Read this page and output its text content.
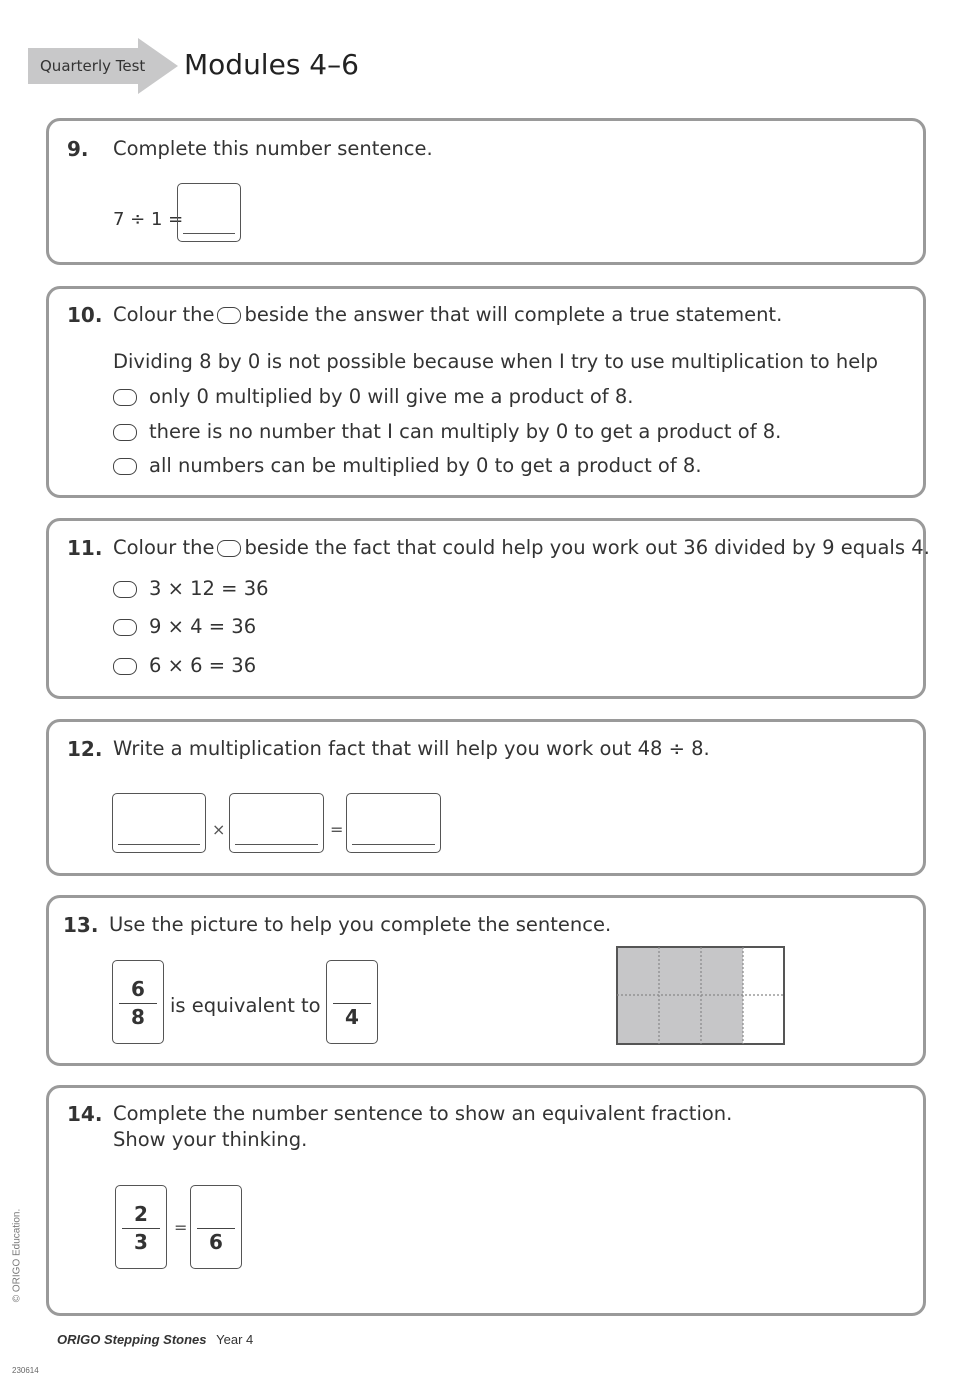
Quarterly Test Modules 4–6
9. Complete this number sentence.
7 ÷ 1 =
10. Colour the beside the answer that will complete a true statement.
Dividing 8 by 0 is not possible because when I try to use multiplication to help
only 0 multiplied by 0 will give me a product of 8.
there is no number that I can multiply by 0 to get a product of 8.
all numbers can be multiplied by 0 to get a product of 8.
11. Colour the beside the fact that could help you work out 36 divided by 9 equals 4.
3 × 12 = 36
9 × 4 = 36
6 × 6 = 36
12. Write a multiplication fact that will help you work out 48 ÷ 8.
×	=
13. Use the picture to help you complete the sentence.
6
8	is equivalent to	4
14. Complete the number sentence to show an equivalent fraction.
Show your thinking.
2
3
=
6
© ORIGO Education.
ORIGO Stepping Stones Year 4
230614
